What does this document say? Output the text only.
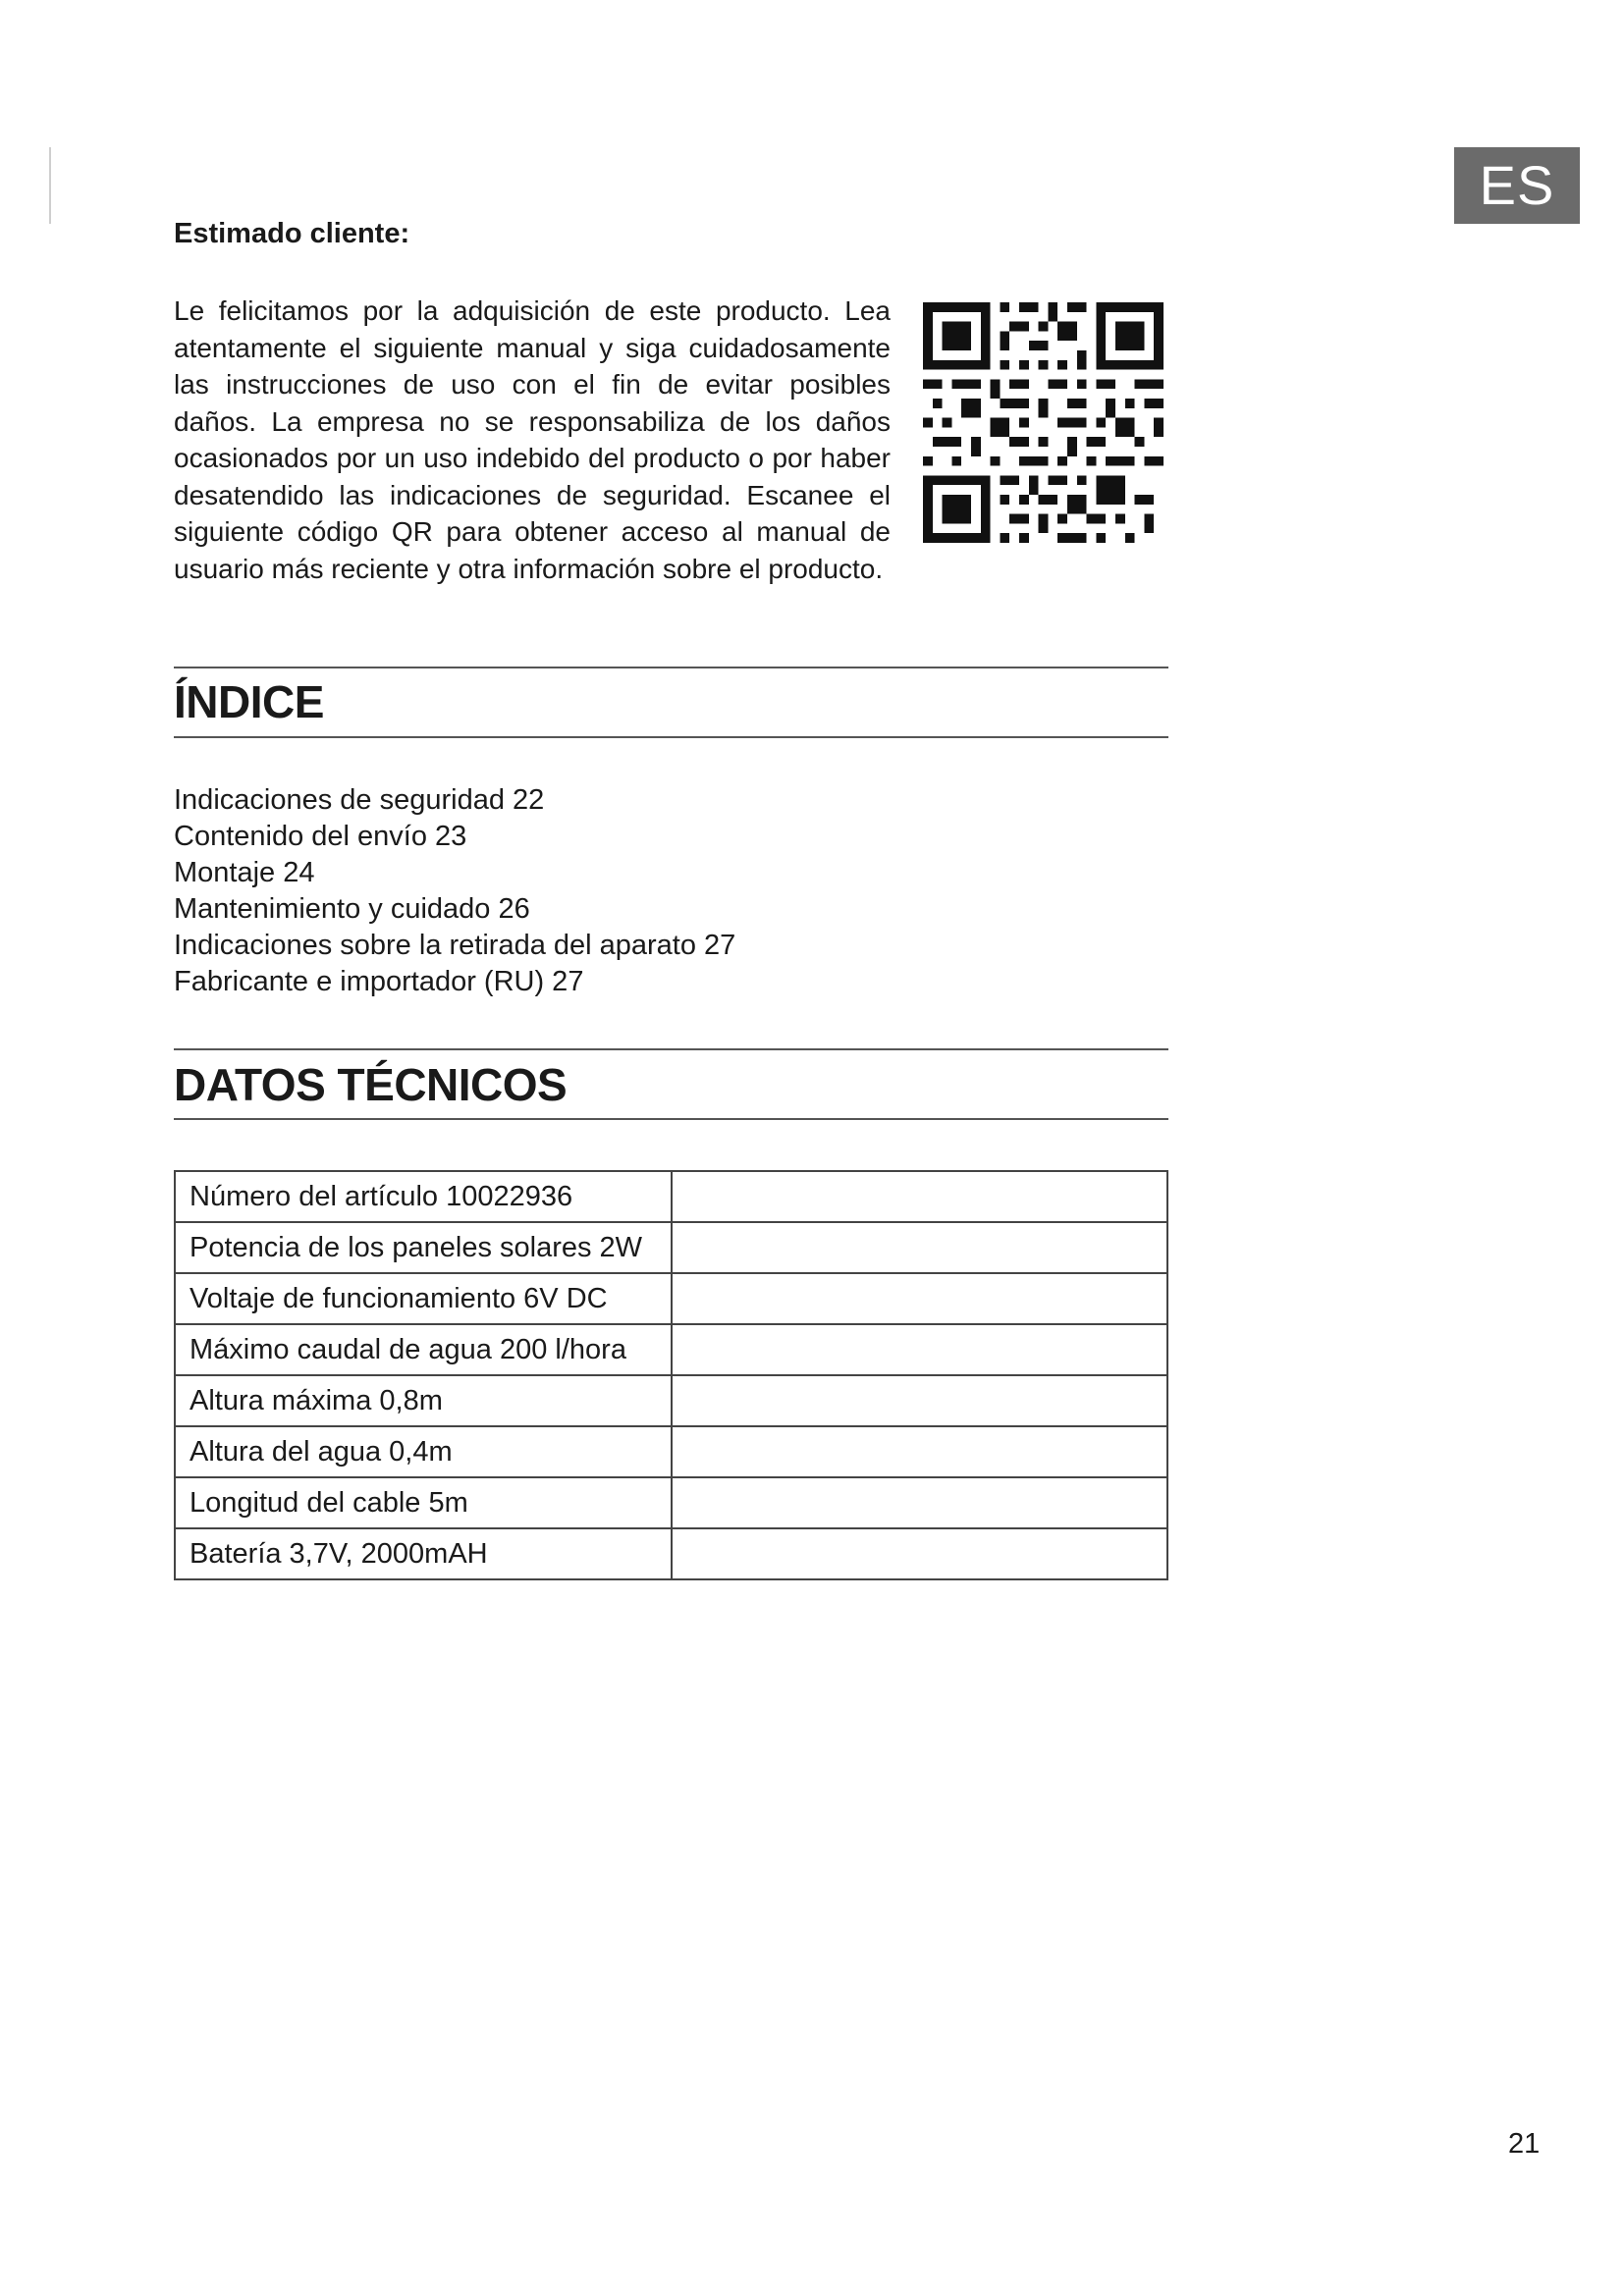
ES
Estimado cliente:

Le felicitamos por la adquisición de este producto. Lea atentamente el siguiente manual y siga cuidadosamente las instrucciones de uso con el fin de evitar posibles daños. La empresa no se responsabiliza de los daños ocasionados por un uso indebido del producto o por haber desatendido las indicaciones de seguridad. Escanee el siguiente código QR para obtener acceso al manual de usuario más reciente y otra información sobre el producto.

ÍNDICE
Indicaciones de seguridad 22
Contenido del envío 23
Montaje 24
Mantenimiento y cuidado 26
Indicaciones sobre la retirada del aparato 27
Fabricante e importador (RU) 27
DATOS TÉCNICOS
Número del artículo 10022936	
Potencia de los paneles solares 2W	
Voltaje de funcionamiento 6V DC	
Máximo caudal de agua 200 l/hora	
Altura máxima 0,8m	
Altura del agua 0,4m	
Longitud del cable 5m	
Batería 3,7V, 2000mAH	
21
